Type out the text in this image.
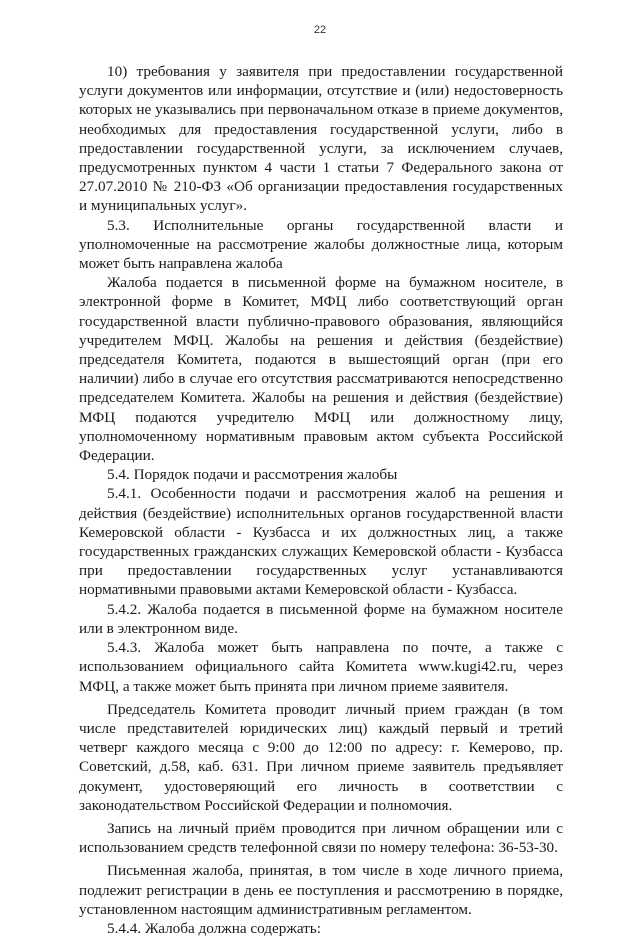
22

10) требования у заявителя при предоставлении государственной услуги документов или информации, отсутствие и (или) недостоверность которых не указывались при первоначальном отказе в приеме документов, необходимых для предоставления государственной услуги, либо в предоставлении государственной услуги, за исключением случаев, предусмотренных пунктом 4 части 1 статьи 7 Федерального закона от 27.07.2010 № 210-ФЗ «Об организации предоставления государственных и муниципальных услуг».

5.3. Исполнительные органы государственной власти и уполномоченные на рассмотрение жалобы должностные лица, которым может быть направлена жалоба

Жалоба подается в письменной форме на бумажном носителе, в электронной форме в Комитет, МФЦ либо соответствующий орган государственной власти публично-правового образования, являющийся учредителем МФЦ. Жалобы на решения и действия (бездействие) председателя Комитета, подаются в вышестоящий орган (при его наличии) либо в случае его отсутствия рассматриваются непосредственно председателем Комитета. Жалобы на решения и действия (бездействие) МФЦ подаются учредителю МФЦ или должностному лицу, уполномоченному нормативным правовым актом субъекта Российской Федерации.

5.4. Порядок подачи и рассмотрения жалобы

5.4.1. Особенности подачи и рассмотрения жалоб на решения и действия (бездействие) исполнительных органов государственной власти Кемеровской области - Кузбасса и их должностных лиц, а также государственных гражданских служащих Кемеровской области - Кузбасса при предоставлении государственных услуг устанавливаются нормативными правовыми актами Кемеровской области - Кузбасса.

5.4.2. Жалоба подается в письменной форме на бумажном носителе или в электронном виде.

5.4.3. Жалоба может быть направлена по почте, а также с использованием официального сайта Комитета www.kugi42.ru, через МФЦ, а также может быть принята при личном приеме заявителя.

Председатель Комитета проводит личный прием граждан (в том числе представителей юридических лиц) каждый первый и третий четверг каждого месяца с 9:00 до 12:00 по адресу: г. Кемерово, пр. Советский, д.58, каб. 631. При личном приеме заявитель предъявляет документ, удостоверяющий его личность в соответствии с законодательством Российской Федерации и полномочия.

Запись на личный приём проводится при личном обращении или с использованием средств телефонной связи по номеру телефона: 36-53-30.

Письменная жалоба, принятая, в том числе в ходе личного приема, подлежит регистрации в день ее поступления и рассмотрению в порядке, установленном настоящим административным регламентом.

5.4.4. Жалоба должна содержать:
